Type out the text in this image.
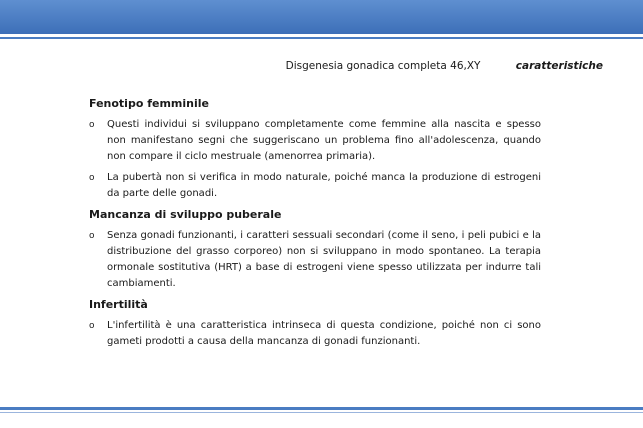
Disgenesia gonadica completa 46,XY	caratteristiche
Fenotipo femminile
o Questi individui si sviluppano completamente come femmine alla nascita e spesso non manifestano segni che suggeriscano un problema fino all'adolescenza, quando non compare il ciclo mestruale (amenorrea primaria).
o La pubertà non si verifica in modo naturale, poiché manca la produzione di estrogeni da parte delle gonadi.
Mancanza di sviluppo puberale
o Senza gonadi funzionanti, i caratteri sessuali secondari (come il seno, i peli pubici e la distribuzione del grasso corporeo) non si sviluppano in modo spontaneo. La terapia ormonale sostitutiva (HRT) a base di estrogeni viene spesso utilizzata per indurre tali cambiamenti.
Infertilità
o L'infertilità è una caratteristica intrinseca di questa condizione, poiché non ci sono gameti prodotti a causa della mancanza di gonadi funzionanti.
